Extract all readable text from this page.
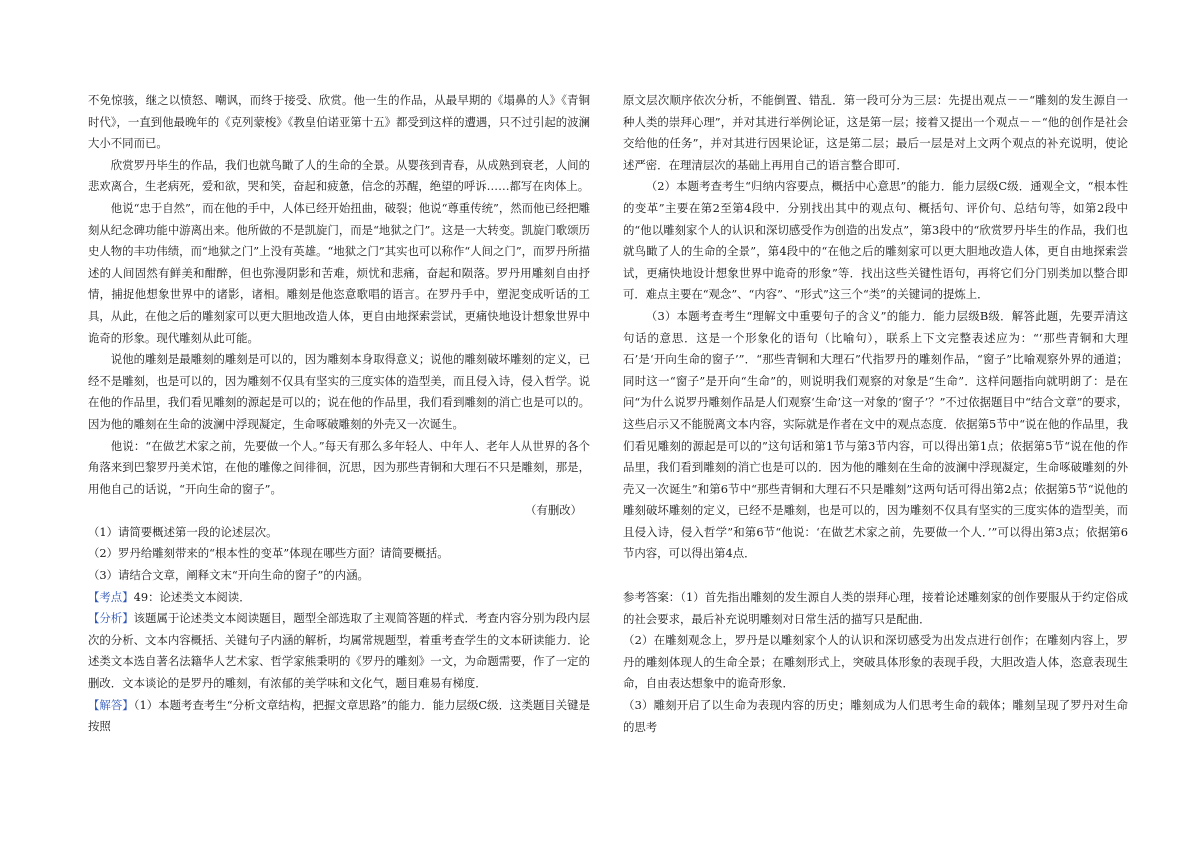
不免惊骇，继之以愤怒、嘲讽，而终于接受、欣赏。他一生的作品，从最早期的《塌鼻的人》《青铜时代》，一直到他最晚年的《克列蒙梭》《教皇伯诺亚第十五》都受到这样的遭遇，只不过引起的波澜大小不同而已。

欣赏罗丹毕生的作品，我们也就鸟瞰了人的生命的全景。从婴孩到青春，从成熟到衰老，人间的悲欢离合，生老病死，爱和欲，哭和笑，奋起和疲惫，信念的苏醒，绝望的呼诉……都写在肉体上。

他说“忠于自然”，而在他的手中，人体已经开始扭曲，破裂；他说“尊重传统”，然而他已经把雕刻从纪念碑功能中游离出来。他所做的不是凯旋门，而是“地狱之门”。这是一大转变。凯旋门歌颂历史人物的丰功伟绩，而“地狱之门”上没有英雄。“地狱之门”其实也可以称作“人间之门”，而罗丹所描述的人间固然有鲜美和酣醉，但也弥漫阴影和苦难，烦忧和悲痛，奋起和陨落。罗丹用雕刻自由抒情，捕捉他想象世界中的诸影，诸相。雕刻是他恣意歌唱的语言。在罗丹手中，塑泥变成听话的工具，从此，在他之后的雕刻家可以更大胆地改造人体，更自由地探索尝试，更痛快地设计想象世界中诡奇的形象。现代雕刻从此可能。

说他的雕刻是最雕刻的雕刻是可以的，因为雕刻本身取得意义；说他的雕刻破坏雕刻的定义，已经不是雕刻，也是可以的，因为雕刻不仅具有坚实的三度实体的造型美，而且侵入诗，侵入哲学。说在他的作品里，我们看见雕刻的源起是可以的；说在他的作品里，我们看到雕刻的消亡也是可以的。因为他的雕刻在生命的波澜中浮现凝定，生命啄破雕刻的外壳又一次诞生。

他说：“在做艺术家之前，先要做一个人。”每天有那么多年轻人、中年人、老年人从世界的各个角落来到巴黎罗丹美术馆，在他的雕像之间徘徊，沉思，因为那些青铜和大理石不只是雕刻，那是，用他自己的话说，“开向生命的窗子”。

（有删改）

（1）请简要概述第一段的论述层次。

（2）罗丹给雕刻带来的“根本性的变革”体现在哪些方面？请简要概括。

（3）请结合文章，阐释文末“开向生命的窗子”的内涵。

【考点】49：论述类文本阅读．

【分析】该题属于论述类文本阅读题目，题型全部选取了主观简答题的样式．考查内容分别为段内层次的分析、文本内容概括、关键句子内涵的解析，均属常规题型，着重考查学生的文本研读能力．论述类文本选自著名法籍华人艺术家、哲学家熊秉明的《罗丹的雕刻》一文，为命题需要，作了一定的删改．文本谈论的是罗丹的雕刻，有浓郁的美学味和文化气，题目难易有梯度．

【解答】（1）本题考查考生“分析文章结构，把握文章思路”的能力．能力层级C级．这类题目关键是按照

原文层次顺序依次分析，不能倒置、错乱．第一段可分为三层：先提出观点－－“雕刻的发生源自一种人类的崇拜心理”，并对其进行举例论证，这是第一层；接着又提出一个观点－－“他的创作是社会交给他的任务”，并对其进行因果论证，这是第二层；最后一层是对上文两个观点的补充说明，使论述严密．在理清层次的基础上再用自己的语言整合即可．

（2）本题考查考生“归纳内容要点，概括中心意思”的能力．能力层级C级．通观全文，“根本性的变革”主要在第2至第4段中．分别找出其中的观点句、概括句、评价句、总结句等，如第2段中的“他以雕刻家个人的认识和深切感受作为创造的出发点”，第3段中的“欣赏罗丹毕生的作品，我们也就鸟瞰了人的生命的全景”，第4段中的“在他之后的雕刻家可以更大胆地改造人体，更自由地探索尝试，更痛快地设计想象世界中诡奇的形象”等．找出这些关键性语句，再将它们分门别类加以整合即可．难点主要在“观念”、“内容”、“形式”这三个“类”的关键词的提炼上．

（3）本题考查考生“理解文中重要句子的含义”的能力．能力层级B级．解答此题，先要弄清这句话的意思．这是一个形象化的语句（比喻句），联系上下文完整表述应为：“‘那些青铜和大理石’是‘开向生命的窗子’”．“那些青铜和大理石”代指罗丹的雕刻作品，“窗子”比喻观察外界的通道；同时这一“窗子”是开向“生命”的，则说明我们观察的对象是“生命”．这样问题指向就明朗了：是在问“为什么说罗丹雕刻作品是人们观察‘生命’这一对象的‘窗子’？”不过依据题目中“结合文章”的要求，这些启示又不能脱离文本内容，实际就是作者在文中的观点态度．依据第5节中“说在他的作品里，我们看见雕刻的源起是可以的”这句话和第1节与第3节内容，可以得出第1点；依据第5节“说在他的作品里，我们看到雕刻的消亡也是可以的．因为他的雕刻在生命的波澜中浮现凝定，生命啄破雕刻的外壳又一次诞生”和第6节中“那些青铜和大理石不只是雕刻”这两句话可得出第2点；依据第5节“说他的雕刻破坏雕刻的定义，已经不是雕刻，也是可以的，因为雕刻不仅具有坚实的三度实体的造型美，而且侵入诗，侵入哲学”和第6节“他说：‘在做艺术家之前，先要做一个人．’”可以得出第3点；依据第6节内容，可以得出第4点．

参考答案：（1）首先指出雕刻的发生源自人类的崇拜心理，接着论述雕刻家的创作要服从于约定俗成的社会要求，最后补充说明雕刻对日常生活的描写只是配曲．

（2）在雕刻观念上，罗丹是以雕刻家个人的认识和深切感受为出发点进行创作；在雕刻内容上，罗丹的雕刻体现人的生命全景；在雕刻形式上，突破具体形象的表现手段，大胆改造人体，恣意表现生命，自由表达想象中的诡奇形象．

（3）雕刻开启了以生命为表现内容的历史；雕刻成为人们思考生命的载体；雕刻呈现了罗丹对生命的思考
